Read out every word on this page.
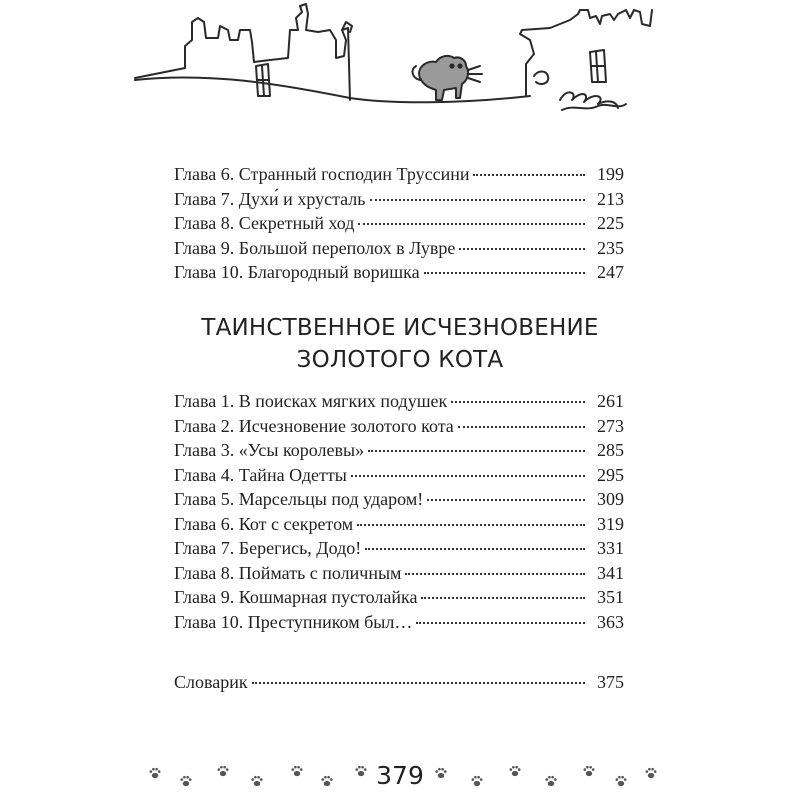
Глава 6. Странный господин Труссини	199
Глава 7. Духи́ и хрусталь	213
Глава 8. Секретный ход	225
Глава 9. Большой переполох в Лувре	235
Глава 10. Благородный воришка	247
ТАИНСТВЕННОЕ ИСЧЕЗНОВЕНИЕ
ЗОЛОТОГО КОТА
Глава 1. В поисках мягких подушек	261
Глава 2. Исчезновение золотого кота	273
Глава 3. «Усы королевы»	285
Глава 4. Тайна Одетты	295
Глава 5. Марсельцы под ударом!	309
Глава 6. Кот с секретом	319
Глава 7. Берегись, Додо!	331
Глава 8. Поймать с поличным	341
Глава 9. Кошмарная пустолайка	351
Глава 10. Преступником был…	363
Словарик	375
379
